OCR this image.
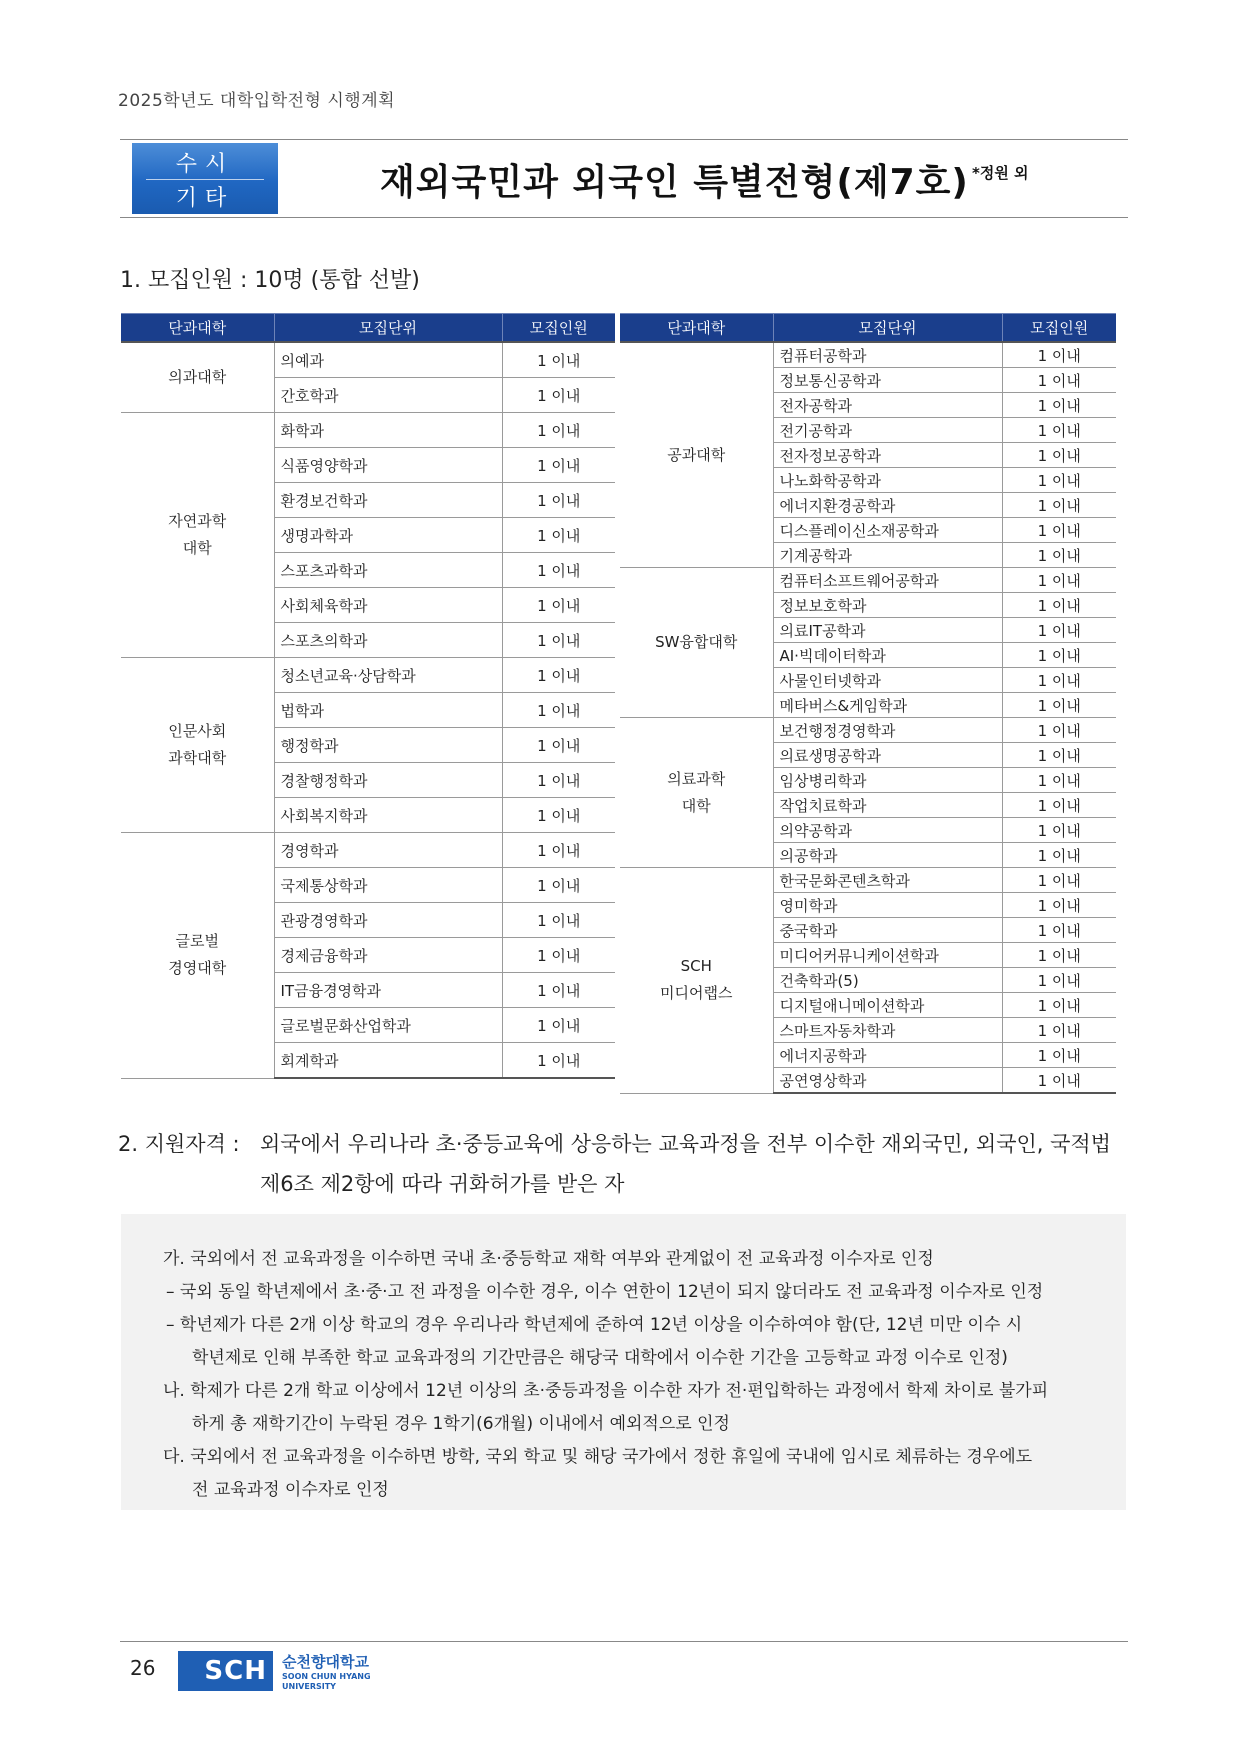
2025학년도 대학입학전형 시행계획
수시
기타	재외국민과 외국인 특별전형(제7호) *정원 외
1. 모집인원 : 10명 (통합 선발)
단과대학	모집단위	모집인원
의과대학	의예과	1 이내
	간호학과	1 이내
자연과학 대학	화학과	1 이내
	식품영양학과	1 이내
	환경보건학과	1 이내
	생명과학과	1 이내
	스포츠과학과	1 이내
	사회체육학과	1 이내
	스포츠의학과	1 이내
인문사회 과학대학	청소년교육·상담학과	1 이내
	법학과	1 이내
	행정학과	1 이내
	경찰행정학과	1 이내
	사회복지학과	1 이내
글로벌 경영대학	경영학과	1 이내
	국제통상학과	1 이내
	관광경영학과	1 이내
	경제금융학과	1 이내
	IT금융경영학과	1 이내
	글로벌문화산업학과	1 이내
	회계학과	1 이내
단과대학	모집단위	모집인원
공과대학	컴퓨터공학과	1 이내
	정보통신공학과	1 이내
	전자공학과	1 이내
	전기공학과	1 이내
	전자정보공학과	1 이내
	나노화학공학과	1 이내
	에너지환경공학과	1 이내
	디스플레이신소재공학과	1 이내
	기계공학과	1 이내
SW융합대학	컴퓨터소프트웨어공학과	1 이내
	정보보호학과	1 이내
	의료IT공학과	1 이내
	AI·빅데이터학과	1 이내
	사물인터넷학과	1 이내
	메타버스&게임학과	1 이내
의료과학 대학	보건행정경영학과	1 이내
	의료생명공학과	1 이내
	임상병리학과	1 이내
	작업치료학과	1 이내
	의약공학과	1 이내
	의공학과	1 이내
SCH 미디어랩스	한국문화콘텐츠학과	1 이내
	영미학과	1 이내
	중국학과	1 이내
	미디어커뮤니케이션학과	1 이내
	건축학과(5)	1 이내
	디지털애니메이션학과	1 이내
	스마트자동차학과	1 이내
	에너지공학과	1 이내
	공연영상학과	1 이내
2. 지원자격 : 외국에서 우리나라 초·중등교육에 상응하는 교육과정을 전부 이수한 재외국민, 외국인, 국적법
제6조 제2항에 따라 귀화허가를 받은 자
가. 국외에서 전 교육과정을 이수하면 국내 초·중등학교 재학 여부와 관계없이 전 교육과정 이수자로 인정
– 국외 동일 학년제에서 초·중·고 전 과정을 이수한 경우, 이수 연한이 12년이 되지 않더라도 전 교육과정 이수자로 인정
– 학년제가 다른 2개 이상 학교의 경우 우리나라 학년제에 준하여 12년 이상을 이수하여야 함(단, 12년 미만 이수 시
학년제로 인해 부족한 학교 교육과정의 기간만큼은 해당국 대학에서 이수한 기간을 고등학교 과정 이수로 인정)
나. 학제가 다른 2개 학교 이상에서 12년 이상의 초·중등과정을 이수한 자가 전·편입학하는 과정에서 학제 차이로 불가피
하게 총 재학기간이 누락된 경우 1학기(6개월) 이내에서 예외적으로 인정
다. 국외에서 전 교육과정을 이수하면 방학, 국외 학교 및 해당 국가에서 정한 휴일에 국내에 임시로 체류하는 경우에도
전 교육과정 이수자로 인정
26	SCH	순천향대학교
SOON CHUN HYANG
UNIVERSITY
